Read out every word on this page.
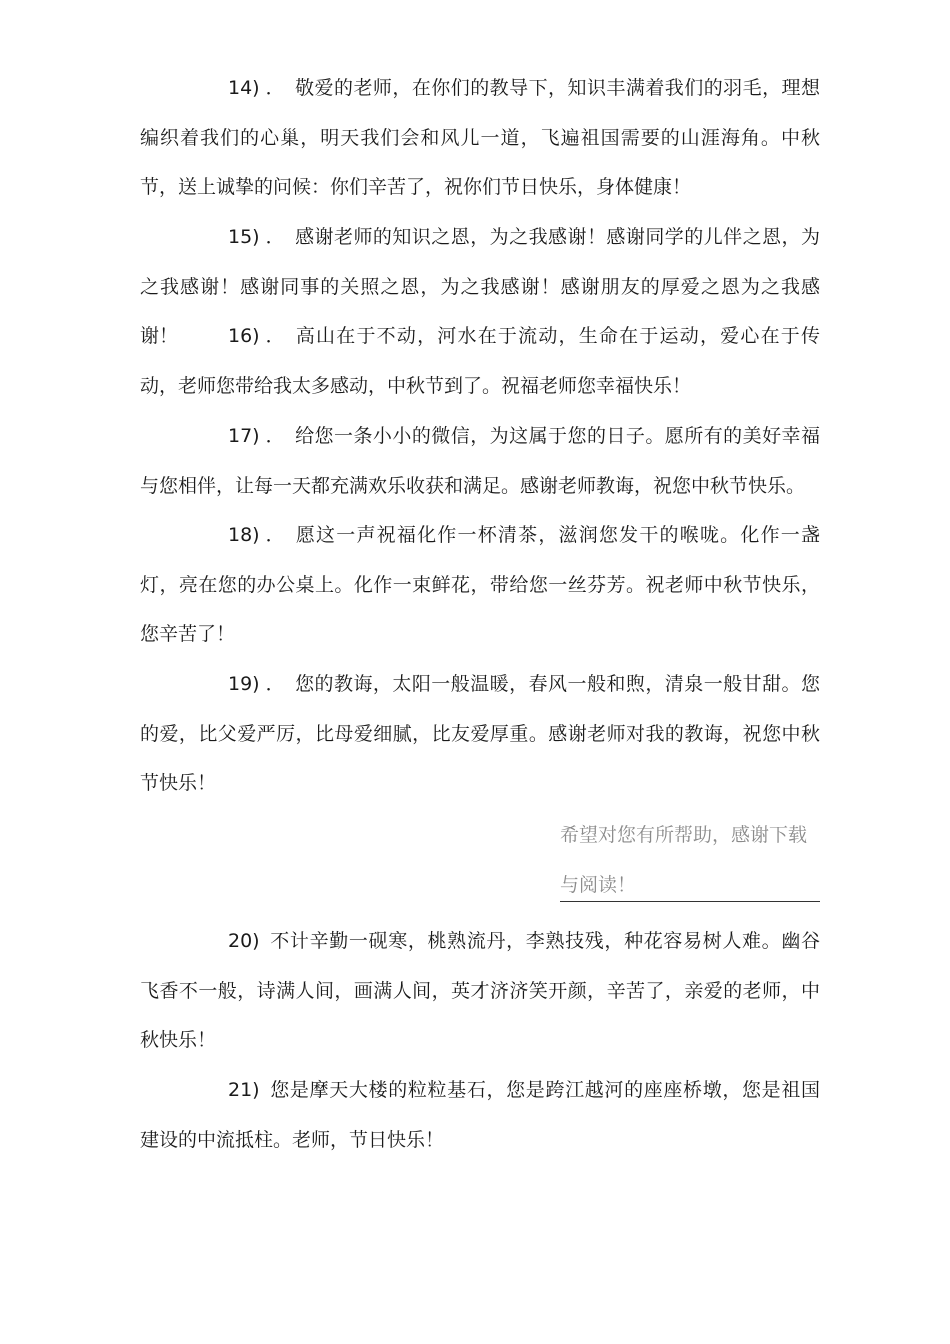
14) ． 敬爱的老师，在你们的教导下，知识丰满着我们的羽毛，理想编织着我们的心巢，明天我们会和风儿一道，飞遍祖国需要的山涯海角。中秋节，送上诚挚的问候：你们辛苦了，祝你们节日快乐，身体健康！

15) ． 感谢老师的知识之恩，为之我感谢！感谢同学的儿伴之恩，为之我感谢！感谢同事的关照之恩，为之我感谢！感谢朋友的厚爱之恩为之我感谢！	16) ． 高山在于不动，河水在于流动，生命在于运动，爱心在于传动，老师您带给我太多感动，中秋节到了。祝福老师您幸福快乐！

17) ． 给您一条小小的微信，为这属于您的日子。愿所有的美好幸福与您相伴，让每一天都充满欢乐收获和满足。感谢老师教诲，祝您中秋节快乐。

18) ． 愿这一声祝福化作一杯清茶，滋润您发干的喉咙。化作一盏灯，亮在您的办公桌上。化作一束鲜花，带给您一丝芬芳。祝老师中秋节快乐，您辛苦了！

19) ． 您的教诲，太阳一般温暖，春风一般和煦，清泉一般甘甜。您的爱，比父爱严厉，比母爱细腻，比友爱厚重。感谢老师对我的教诲，祝您中秋节快乐！

希望对您有所帮助，感谢下载与阅读！

20) 不计辛勤一砚寒，桃熟流丹，李熟技残，种花容易树人难。幽谷飞香不一般，诗满人间，画满人间，英才济济笑开颜，辛苦了，亲爱的老师，中秋快乐！

21) 您是摩天大楼的粒粒基石，您是跨江越河的座座桥墩，您是祖国建设的中流抵柱。老师，节日快乐！
